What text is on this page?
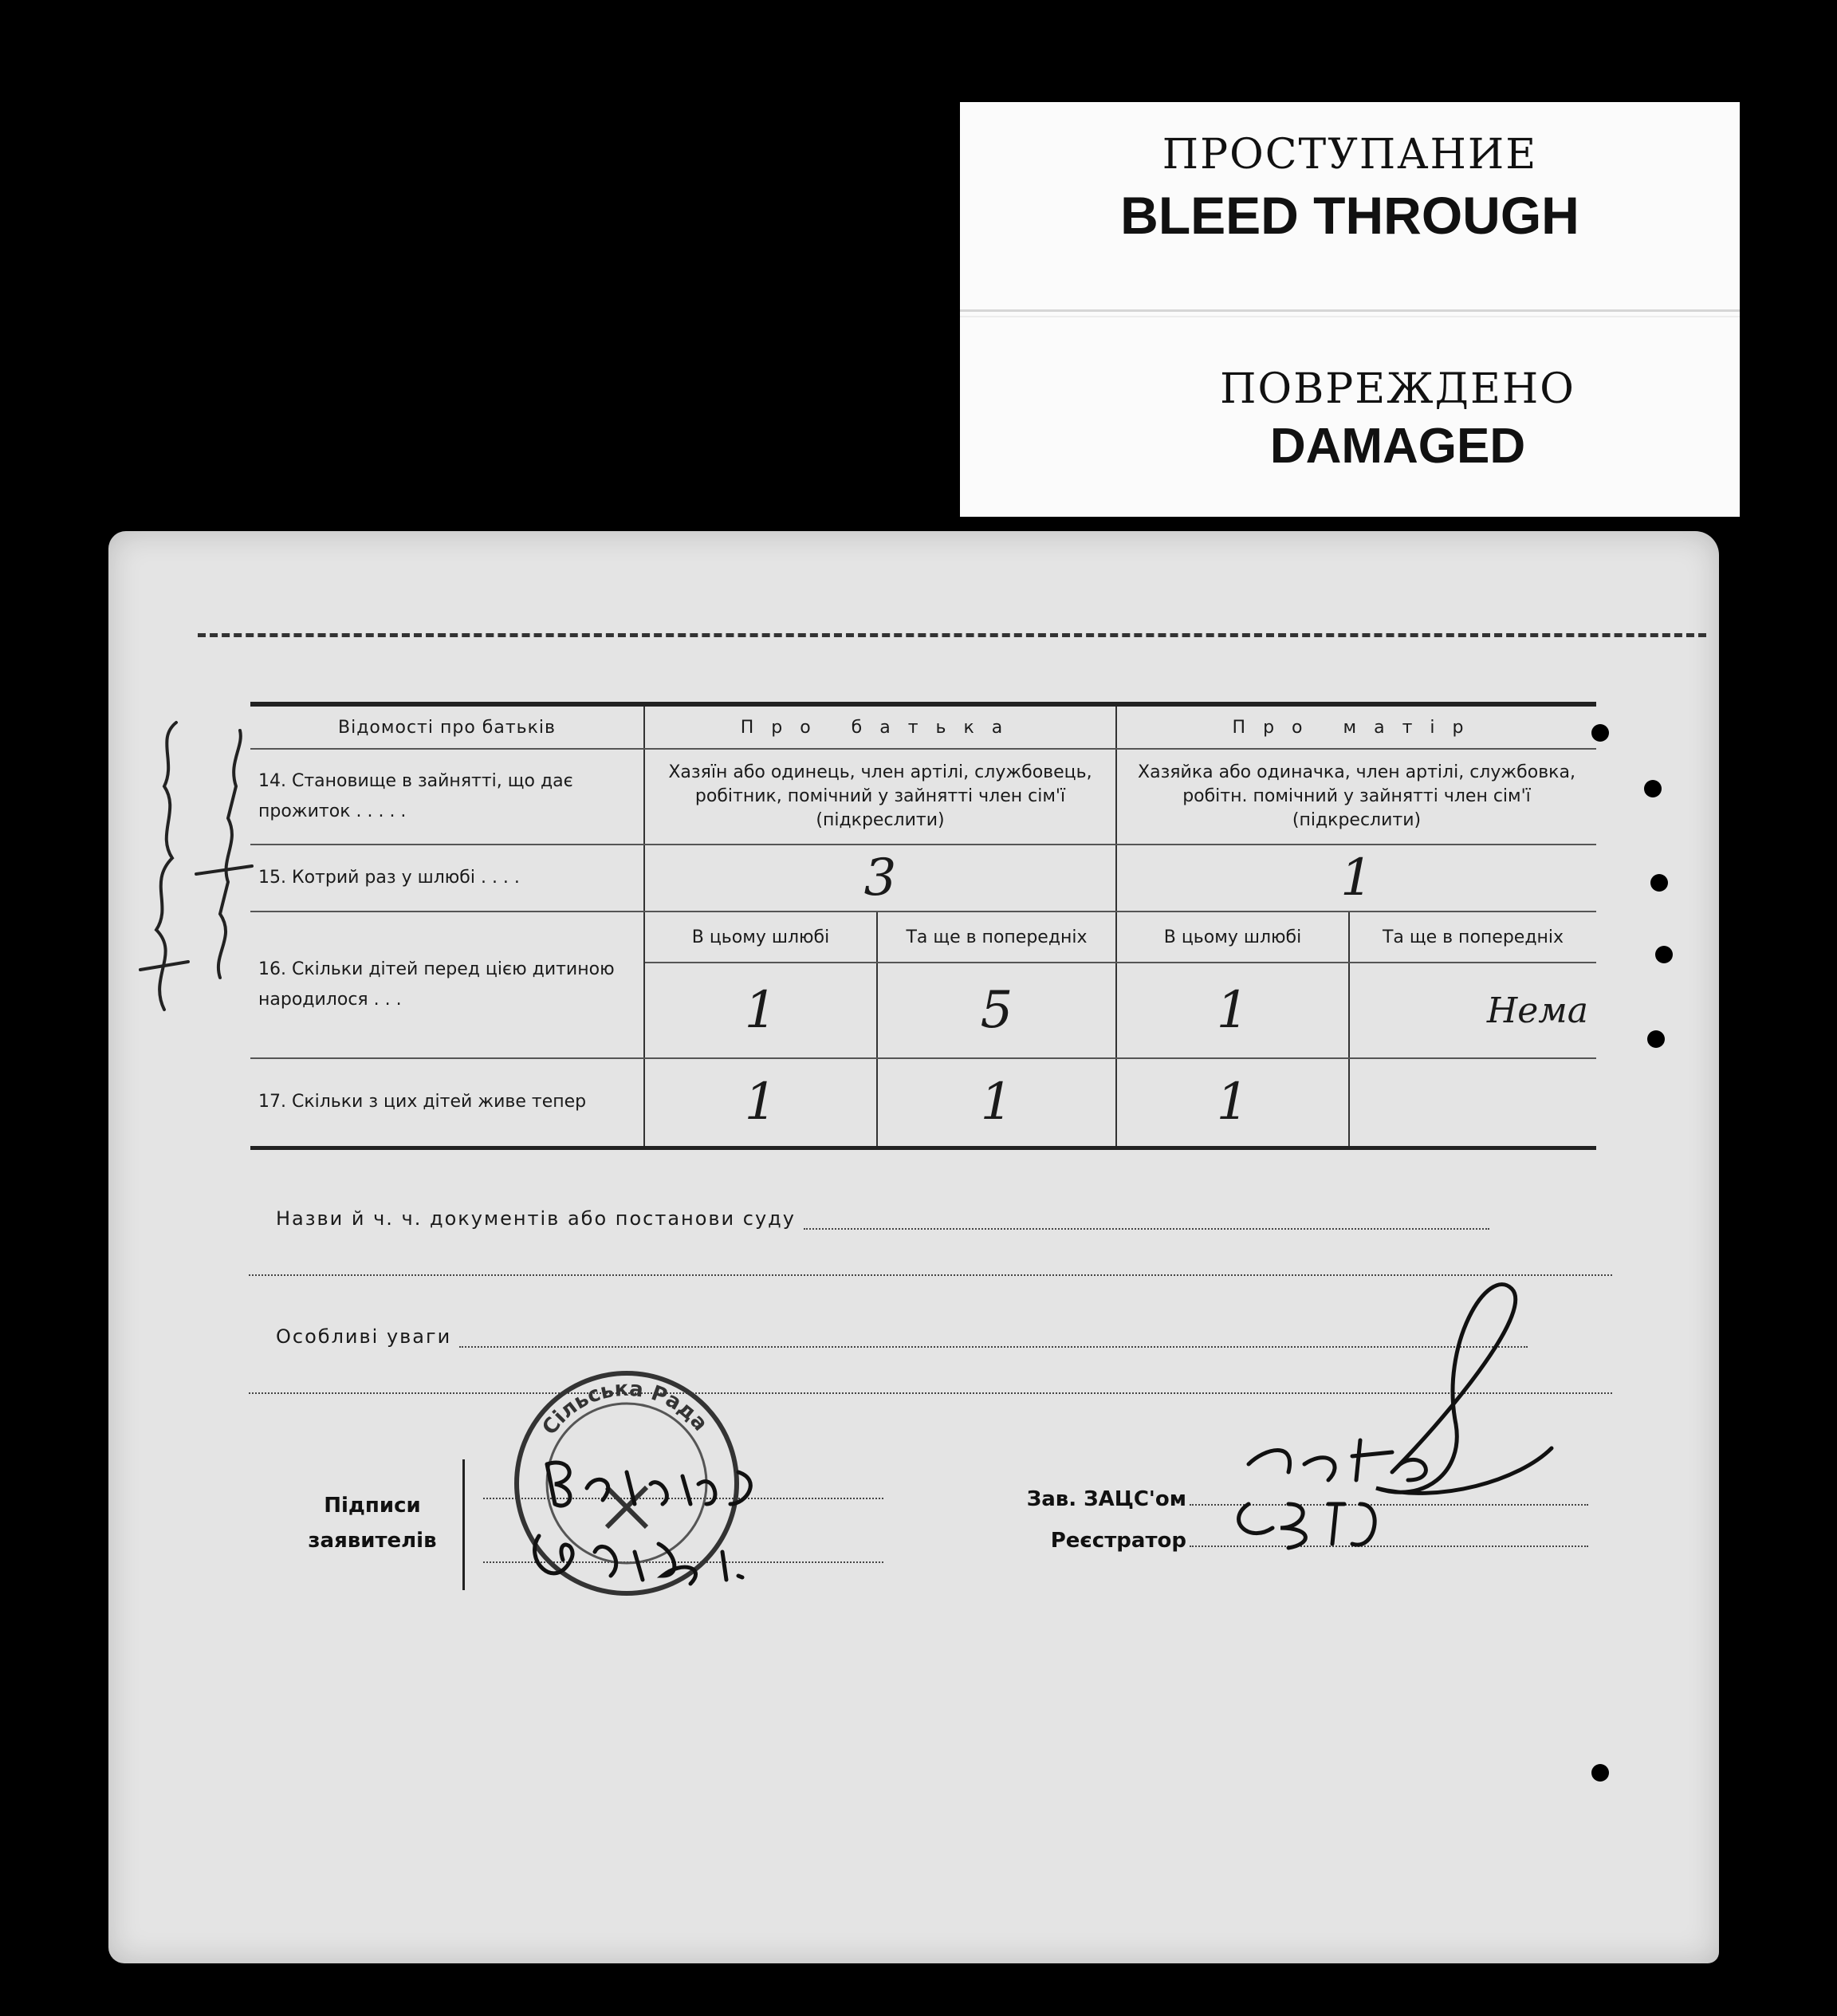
ПРОСТУПАНИЕ
BLEED THROUGH
ПОВРЕЖДЕНО
DAMAGED
Відомості про батьків	Про батька		Про матір	
14. Становище в зайнятті, що дає прожиток . . . . .	Хазяїн або одинець, член артілі, службовець, робітник, помічний у зайнятті член сім'ї (підкреслити)		Хазяйка або одиначка, член артілі, службовка, робітн. помічний у зайнятті член сім'ї (підкреслити)	
15. Котрий раз у шлюбі . . . .	3		1	
16. Скільки дітей перед цією дитиною народилося . . .	В цьому шлюбі	Та ще в попередніх	В цьому шлюбі	Та ще в попередніх
	1	5	1	Нема
17. Скільки з цих дітей живе тепер	1	1	1	
Назви й ч. ч. документів або постанови суду
Особливі уваги
Підписи заявителів
Зав. ЗАЦС'ом
Реєстратор
Сільська Рада
